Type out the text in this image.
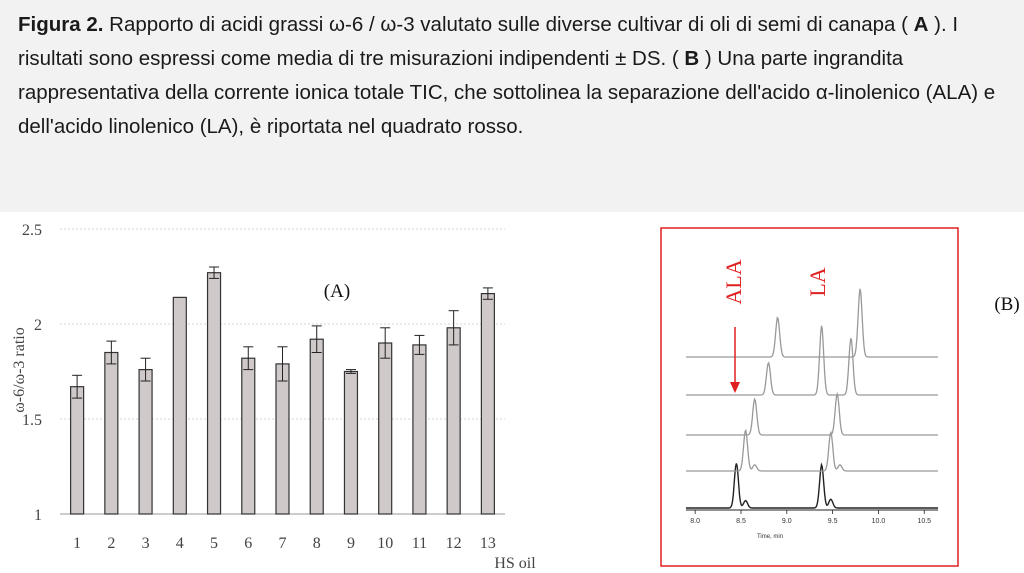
Figura 2. Rapporto di acidi grassi ω-6 / ω-3 valutato sulle diverse cultivar di oli di semi di canapa ( A ). I risultati sono espressi come media di tre misurazioni indipendenti ± DS. ( B ) Una parte ingrandita rappresentativa della corrente ionica totale TIC, che sottolinea la separazione dell'acido α-linolenico (ALA) e dell'acido linolenico (LA), è riportata nel quadrato rosso.

1
1.5
2
2.5
1 2 3 4 5 6 7 8 9 10 11 12 13
ω-6/ω-3 ratio
HS oil
(A)
8.0	8.5	9.0	9.5	10.0	10.5
Time, min
ALA	LA
(B)
